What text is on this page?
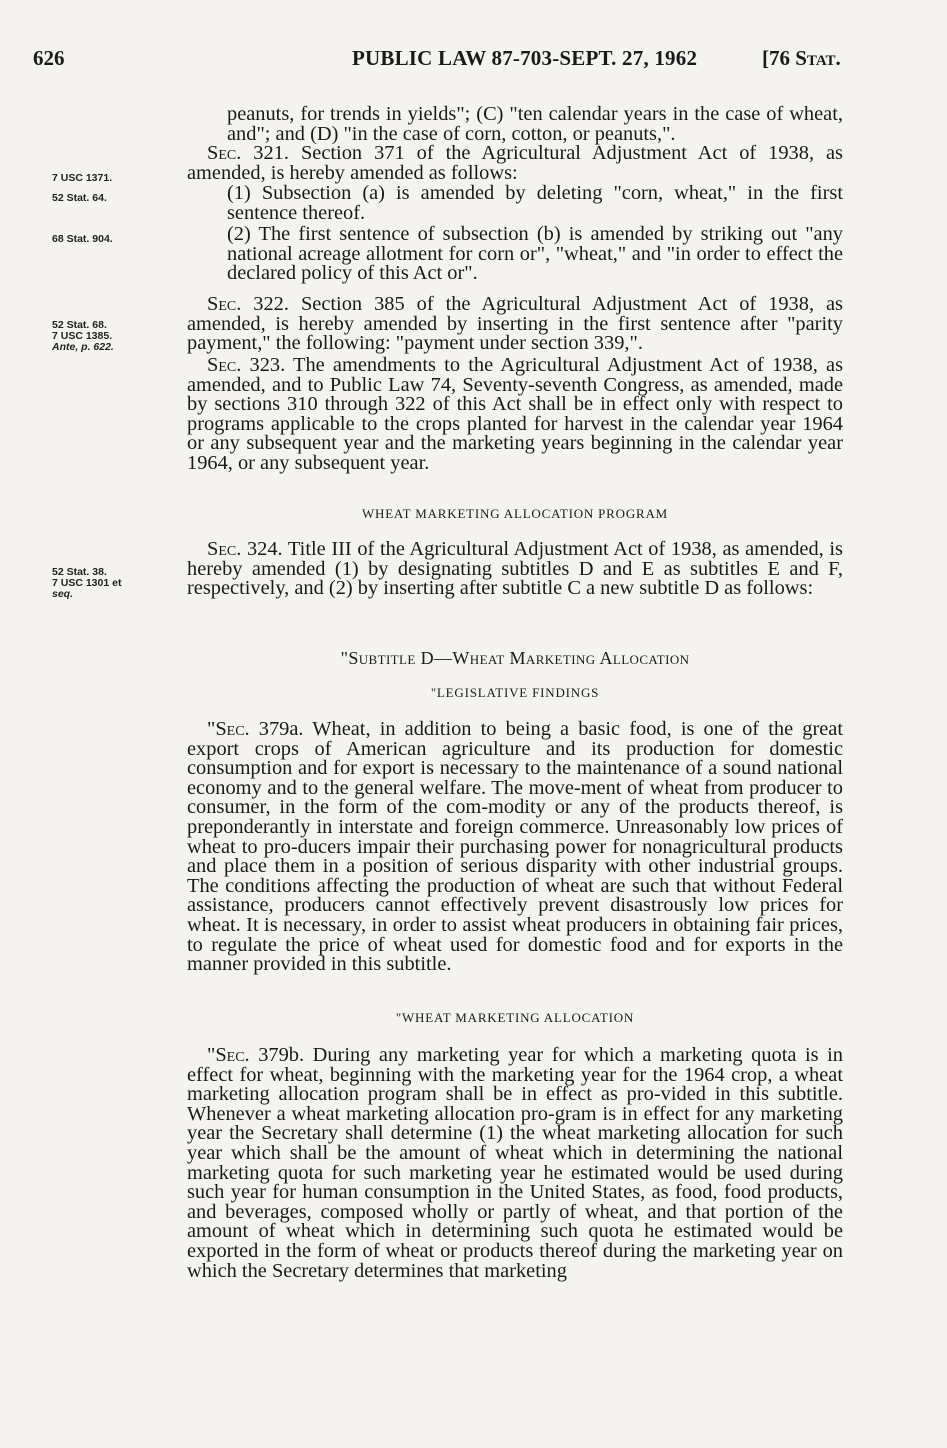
626	PUBLIC LAW 87-703-SEPT. 27, 1962	[76 Stat.
7 USC 1371.
52 Stat. 64.
68 Stat. 904.
52 Stat. 68.
7 USC 1385.
Ante, p. 622.
52 Stat. 38.
7 USC 1301 et
seq.
peanuts, for trends in yields"; (C) "ten calendar years in the case of wheat, and"; and (D) "in the case of corn, cotton, or peanuts,".
Sec. 321. Section 371 of the Agricultural Adjustment Act of 1938, as amended, is hereby amended as follows:
(1) Subsection (a) is amended by deleting "corn, wheat," in the first sentence thereof.
(2) The first sentence of subsection (b) is amended by striking out "any national acreage allotment for corn or", "wheat," and "in order to effect the declared policy of this Act or".
Sec. 322. Section 385 of the Agricultural Adjustment Act of 1938, as amended, is hereby amended by inserting in the first sentence after "parity payment," the following: "payment under section 339,".
Sec. 323. The amendments to the Agricultural Adjustment Act of 1938, as amended, and to Public Law 74, Seventy-seventh Congress, as amended, made by sections 310 through 322 of this Act shall be in effect only with respect to programs applicable to the crops planted for harvest in the calendar year 1964 or any subsequent year and the marketing years beginning in the calendar year 1964, or any subsequent year.
WHEAT MARKETING ALLOCATION PROGRAM
Sec. 324. Title III of the Agricultural Adjustment Act of 1938, as amended, is hereby amended (1) by designating subtitles D and E as subtitles E and F, respectively, and (2) by inserting after subtitle C a new subtitle D as follows:
"Subtitle D—Wheat Marketing Allocation
"LEGISLATIVE FINDINGS
"Sec. 379a. Wheat, in addition to being a basic food, is one of the great export crops of American agriculture and its production for domestic consumption and for export is necessary to the maintenance of a sound national economy and to the general welfare. The move-ment of wheat from producer to consumer, in the form of the com-modity or any of the products thereof, is preponderantly in interstate and foreign commerce. Unreasonably low prices of wheat to pro-ducers impair their purchasing power for nonagricultural products and place them in a position of serious disparity with other industrial groups. The conditions affecting the production of wheat are such that without Federal assistance, producers cannot effectively prevent disastrously low prices for wheat. It is necessary, in order to assist wheat producers in obtaining fair prices, to regulate the price of wheat used for domestic food and for exports in the manner provided in this subtitle.
"WHEAT MARKETING ALLOCATION
"Sec. 379b. During any marketing year for which a marketing quota is in effect for wheat, beginning with the marketing year for the 1964 crop, a wheat marketing allocation program shall be in effect as pro-vided in this subtitle. Whenever a wheat marketing allocation pro-gram is in effect for any marketing year the Secretary shall determine (1) the wheat marketing allocation for such year which shall be the amount of wheat which in determining the national marketing quota for such marketing year he estimated would be used during such year for human consumption in the United States, as food, food products, and beverages, composed wholly or partly of wheat, and that portion of the amount of wheat which in determining such quota he estimated would be exported in the form of wheat or products thereof during the marketing year on which the Secretary determines that marketing
